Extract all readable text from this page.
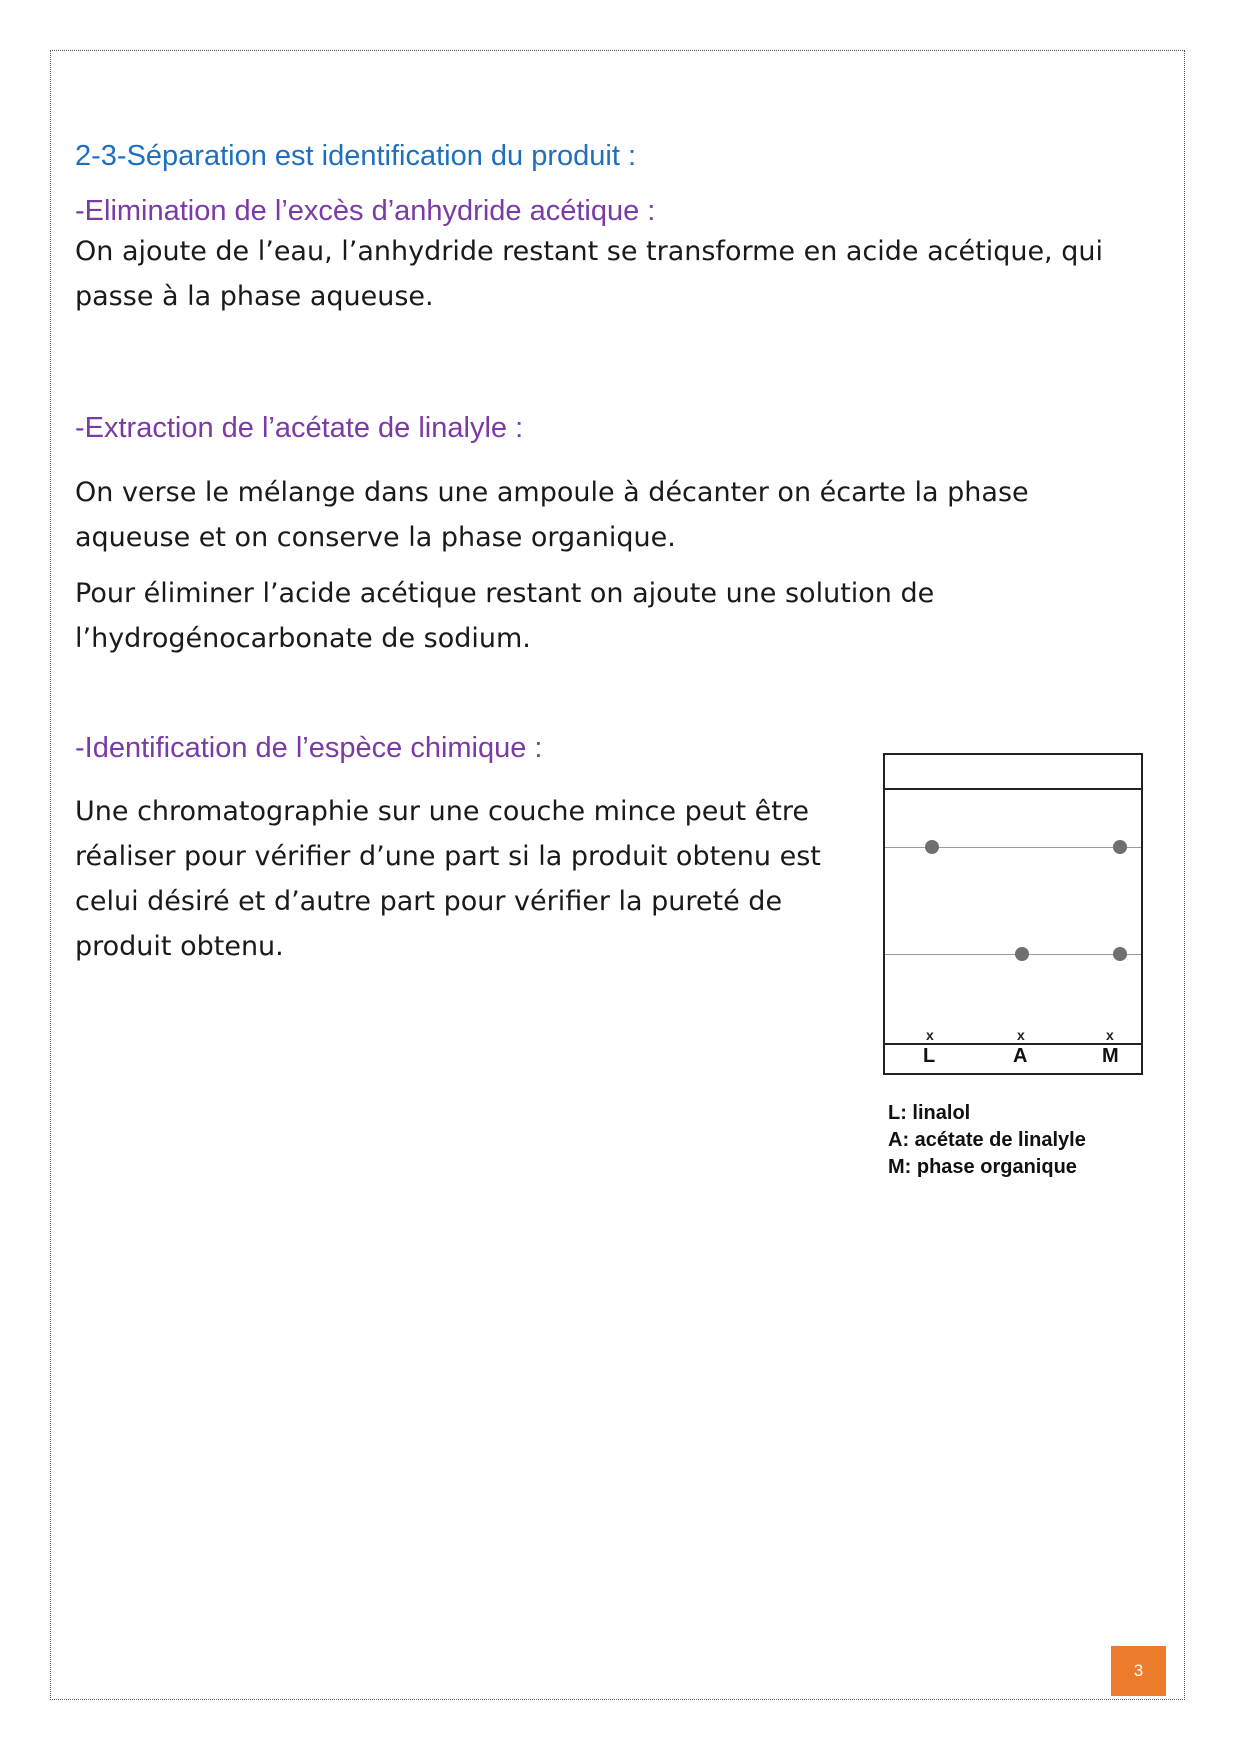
2-3-Séparation est identification du produit :
-Elimination de l’excès d’anhydride acétique :

On ajoute de l’eau, l’anhydride restant se transforme en acide acétique, qui passe à la phase aqueuse.

-Extraction de l’acétate de linalyle :

On verse le mélange dans une ampoule à décanter on écarte la phase aqueuse et on conserve la phase organique.

Pour éliminer l’acide acétique restant on ajoute une solution de l’hydrogénocarbonate de sodium.

-Identification de l’espèce chimique :

Une chromatographie sur une couche mince peut être réaliser pour vérifier d’une part si la produit obtenu est celui désiré et d’autre part pour vérifier la pureté de produit obtenu.

x	x	x
L	A	M
L: linalol
A: acétate de linalyle
M: phase organique
3
